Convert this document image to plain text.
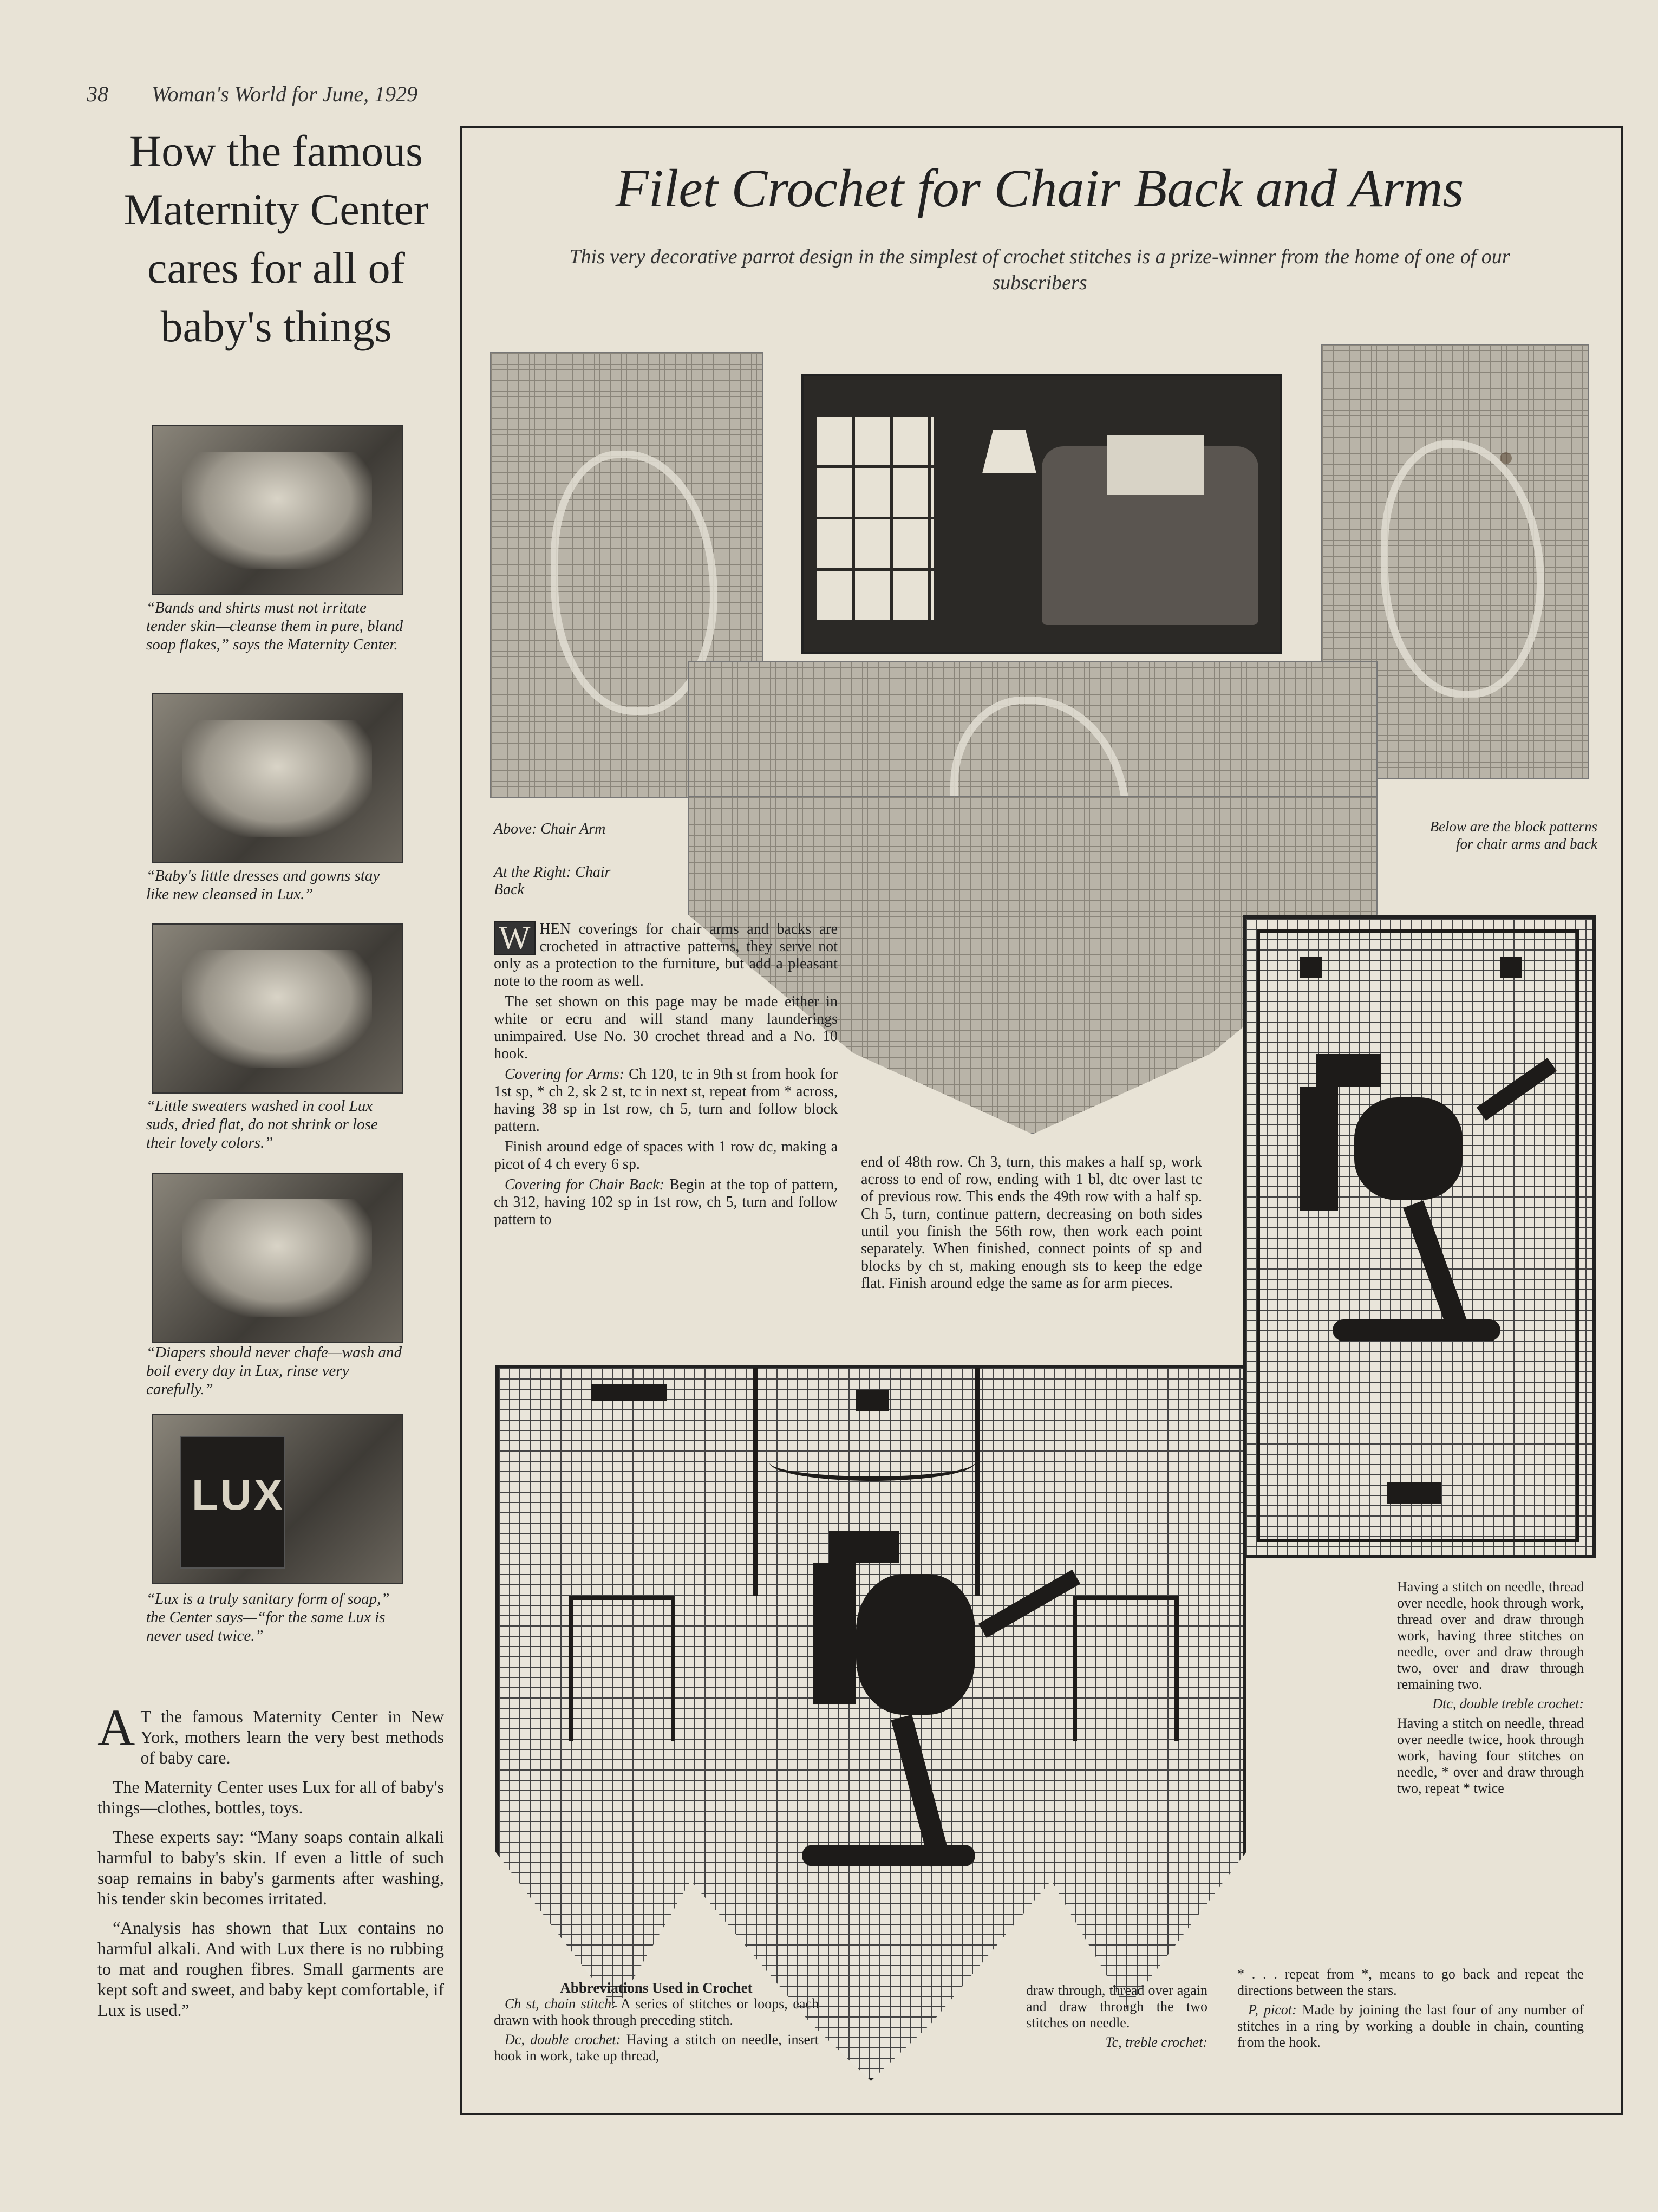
38 Woman's World for June, 1929
How the famous
Maternity Center
cares for all of
baby's things
“Bands and shirts must not irritate tender skin—cleanse them in pure, bland soap flakes,” says the Maternity Center.
“Baby's little dresses and gowns stay like new cleansed in Lux.”
“Little sweaters washed in cool Lux suds, dried flat, do not shrink or lose their lovely colors.”
“Diapers should never chafe—wash and boil every day in Lux, rinse very carefully.”
LUX
“Lux is a truly sanitary form of soap,” the Center says—“for the same Lux is never used twice.”

A T the famous Maternity Center in New York, mothers learn the very best methods of baby care.

The Maternity Center uses Lux for all of baby's things—clothes, bottles, toys.

These experts say: “Many soaps contain alkali harmful to baby's skin. If even a little of such soap remains in baby's garments after washing, his tender skin becomes irritated.

“Analysis has shown that Lux contains no harmful alkali. And with Lux there is no rubbing to mat and roughen fibres. Small garments are kept soft and sweet, and baby kept comfortable, if Lux is used.”

Filet Crochet for Chair Back and Arms
This very decorative parrot design in the simplest of crochet stitches is a prize-winner from the home of one of our subscribers
Above: Chair Arm
At the Right: Chair Back
Below are the block patterns for chair arms and back

W HEN coverings for chair arms and backs are crocheted in attractive patterns, they serve not only as a protection to the furniture, but add a pleasant note to the room as well.

The set shown on this page may be made either in white or ecru and will stand many launderings unimpaired. Use No. 30 crochet thread and a No. 10 hook.

Covering for Arms: Ch 120, tc in 9th st from hook for 1st sp, * ch 2, sk 2 st, tc in next st, repeat from * across, having 38 sp in 1st row, ch 5, turn and follow block pattern.

Finish around edge of spaces with 1 row dc, making a picot of 4 ch every 6 sp.

Covering for Chair Back: Begin at the top of pattern, ch 312, having 102 sp in 1st row, ch 5, turn and follow pattern to

end of 48th row. Ch 3, turn, this makes a half sp, work across to end of row, ending with 1 bl, dtc over last tc of previous row. This ends the 49th row with a half sp. Ch 5, turn, continue pattern, decreasing on both sides until you finish the 56th row, then work each point separately. When finished, connect points of sp and blocks by ch st, making enough sts to keep the edge flat. Finish around edge the same as for arm pieces.

Abbreviations Used in Crochet

Ch st, chain stitch: A series of stitches or loops, each drawn with hook through preceding stitch.

Dc, double crochet: Having a stitch on needle, insert hook in work, take up thread,

draw through, thread over again and draw through the two stitches on needle.

Tc, treble crochet:

Having a stitch on needle, thread over needle, hook through work, thread over and draw through work, having three stitches on needle, over and draw through two, over and draw through remaining two.

Dtc, double treble crochet:

Having a stitch on needle, thread over needle twice, hook through work, having four stitches on needle, * over and draw through two, repeat * twice

* . . . repeat from *, means to go back and repeat the directions between the stars.

P, picot: Made by joining the last four of any number of stitches in a ring by working a double in chain, counting from the hook.
